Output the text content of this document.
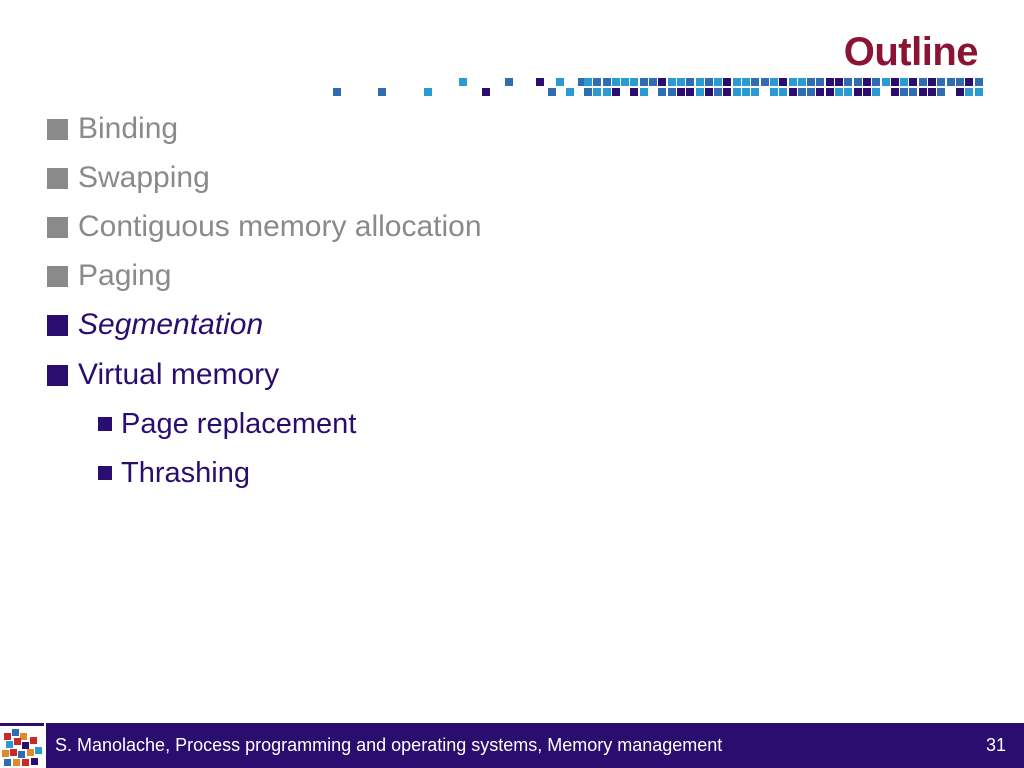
Outline
Binding
Swapping
Contiguous memory allocation
Paging
Segmentation
Virtual memory
Page replacement
Thrashing
S. Manolache, Process programming and operating systems, Memory management	31
